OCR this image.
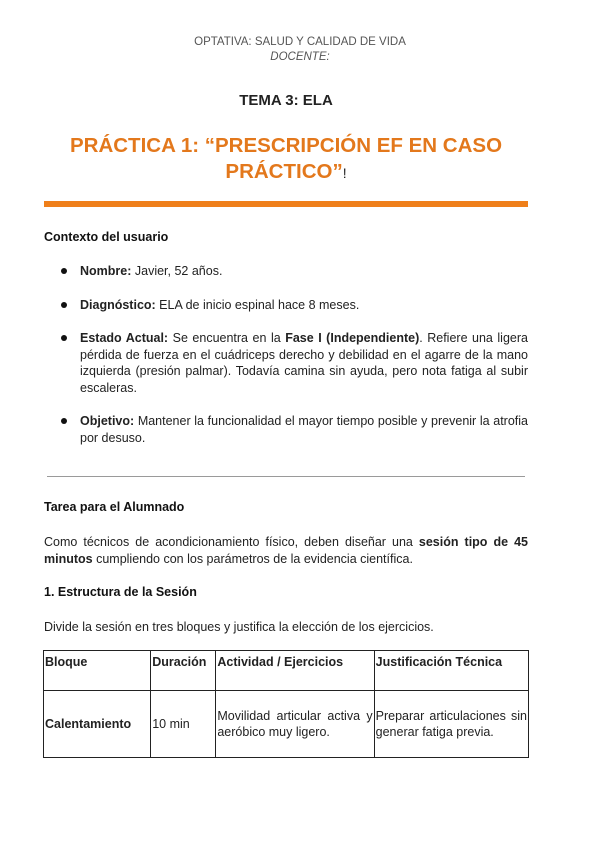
OPTATIVA: SALUD Y CALIDAD DE VIDA
DOCENTE:
TEMA 3: ELA
PRÁCTICA 1: “PRESCRIPCIÓN EF EN CASO PRÁCTICO”!
Contexto del usuario
Nombre: Javier, 52 años.
Diagnóstico: ELA de inicio espinal hace 8 meses.
Estado Actual: Se encuentra en la Fase I (Independiente). Refiere una ligera pérdida de fuerza en el cuádriceps derecho y debilidad en el agarre de la mano izquierda (presión palmar). Todavía camina sin ayuda, pero nota fatiga al subir escaleras.
Objetivo: Mantener la funcionalidad el mayor tiempo posible y prevenir la atrofia por desuso.
Tarea para el Alumnado
Como técnicos de acondicionamiento físico, deben diseñar una sesión tipo de 45 minutos cumpliendo con los parámetros de la evidencia científica.
1. Estructura de la Sesión
Divide la sesión en tres bloques y justifica la elección de los ejercicios.
Bloque	Duración	Actividad / Ejercicios	Justificación Técnica
Calentamiento	10 min	Movilidad articular activa y aeróbico muy ligero.	Preparar articulaciones sin generar fatiga previa.
